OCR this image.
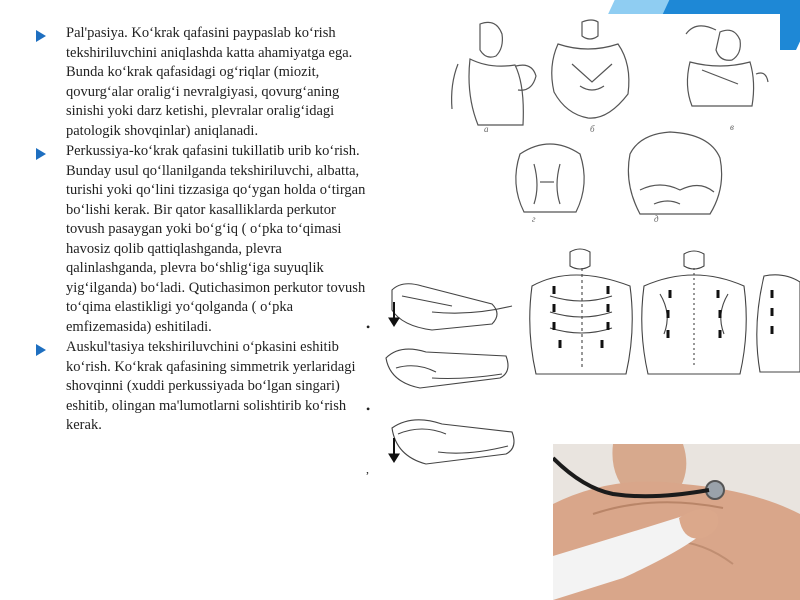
Pal'pasiya. Koʻkrak qafasini paypaslab koʻrish tekshiriluvchini aniqlashda katta ahamiyatga ega. Bunda koʻkrak qafasidagi ogʻriqlar (miozit, qovurgʻalar oraligʻi nevralgiyasi, qovurgʻaning sinishi yoki darz ketishi, plevralar oraligʻidagi patologik shovqinlar) aniqlanadi.

Perkussiya-koʻkrak qafasini tukillatib urib koʻrish. Bunday usul qoʻllanilganda tekshiriluvchi, albatta, turishi yoki qoʻlini tizzasiga qoʻygan holda oʻtirgan boʻlishi kerak. Bir qator kasalliklarda perkutor tovush pasaygan yoki boʻgʻiq ( oʻpka toʻqimasi havosiz qolib qattiqlashganda, plevra qalinlashganda, plevra boʻshligʻiga suyuqlik yigʻilganda) boʻladi. Qutichasimon perkutor tovush toʻqima elastikligi yoʻqolganda ( oʻpka emfizemasida) eshitiladi.

Auskul'tasiya tekshiriluvchini oʻpkasini eshitib koʻrish. Koʻkrak qafasining simmetrik yerlaridagi shovqinni (xuddi perkussiyada boʻlgan singari) eshitib, olingan ma'lumotlarni solishtirib koʻrish kerak.

a	б	в
г	д
•
•
,
